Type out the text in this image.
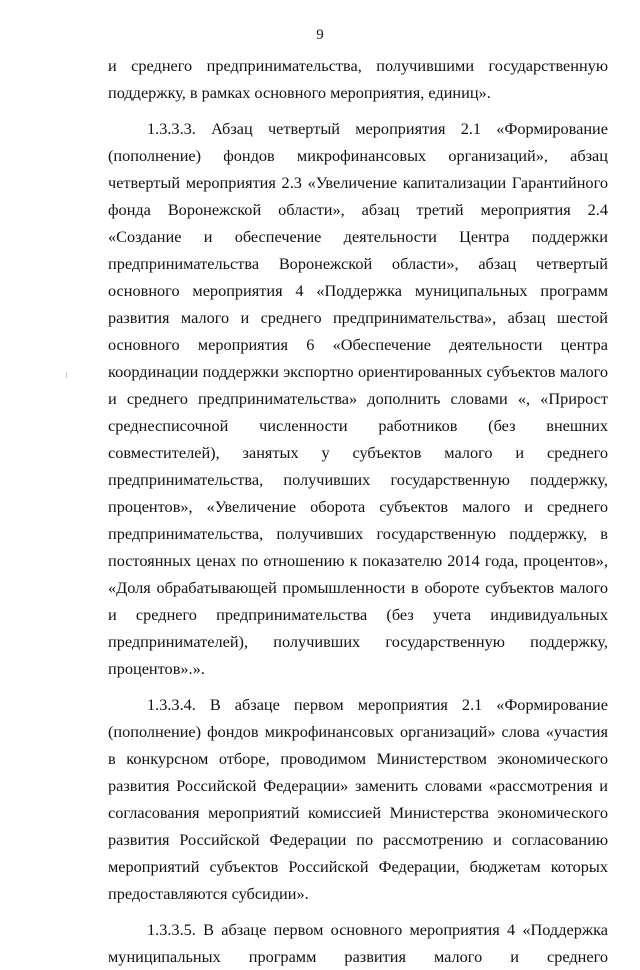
9

и среднего предпринимательства, получившими государственную поддержку, в рамках основного мероприятия, единиц».

1.3.3.3. Абзац четвертый мероприятия 2.1 «Формирование (пополнение) фондов микрофинансовых организаций», абзац четвертый мероприятия 2.3 «Увеличение капитализации Гарантийного фонда Воронежской области», абзац третий мероприятия 2.4 «Создание и обеспечение деятельности Центра поддержки предпринимательства Воронежской области», абзац четвертый основного мероприятия 4 «Поддержка муниципальных программ развития малого и среднего предпринимательства», абзац шестой основного мероприятия 6 «Обеспечение деятельности центра координации поддержки экспортно ориентированных субъектов малого и среднего предпринимательства» дополнить словами «, «Прирост среднесписочной численности работников (без внешних совместителей), занятых у субъектов малого и среднего предпринимательства, получивших государственную поддержку, процентов», «Увеличение оборота субъектов малого и среднего предпринимательства, получивших государственную поддержку, в постоянных ценах по отношению к показателю 2014 года, процентов», «Доля обрабатывающей промышленности в обороте субъектов малого и среднего предпринимательства (без учета индивидуальных предпринимателей), получивших государственную поддержку, процентов».».

1.3.3.4. В абзаце первом мероприятия 2.1 «Формирование (пополнение) фондов микрофинансовых организаций» слова «участия в конкурсном отборе, проводимом Министерством экономического развития Российской Федерации» заменить словами «рассмотрения и согласования мероприятий комиссией Министерства экономического развития Российской Федерации по рассмотрению и согласованию мероприятий субъектов Российской Федерации, бюджетам которых предоставляются субсидии».

1.3.3.5. В абзаце первом основного мероприятия 4 «Поддержка муниципальных программ развития малого и среднего
